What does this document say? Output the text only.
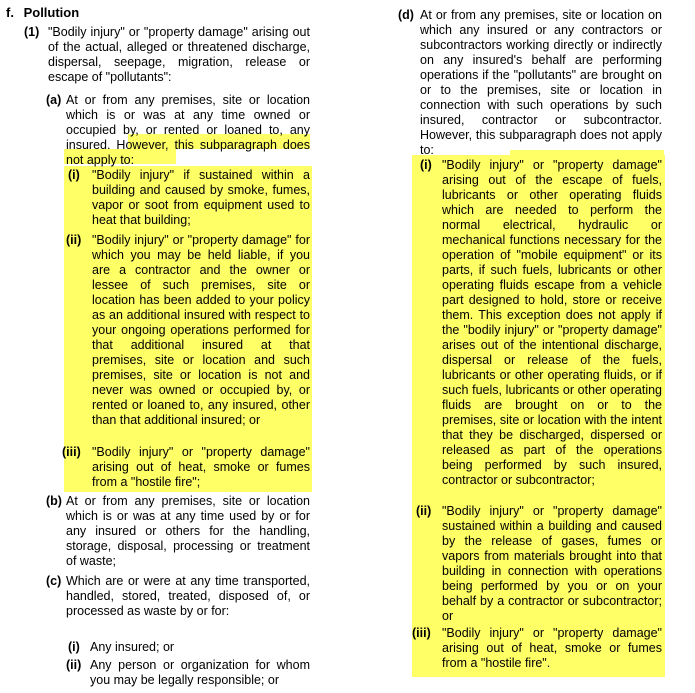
f. Pollution
(1) "Bodily injury" or "property damage" arising out of the actual, alleged or threatened discharge, dispersal, seepage, migration, release or escape of "pollutants":
(a) At or from any premises, site or location which is or was at any time owned or occupied by, or rented or loaned to, any insured. However, this subparagraph does not apply to:
(i) "Bodily injury" if sustained within a building and caused by smoke, fumes, vapor or soot from equipment used to heat that building;
(ii) "Bodily injury" or "property damage" for which you may be held liable, if you are a contractor and the owner or lessee of such premises, site or location has been added to your policy as an additional insured with respect to your ongoing operations performed for that additional insured at that premises, site or location and such premises, site or location is not and never was owned or occupied by, or rented or loaned to, any insured, other than that additional insured; or
(iii) "Bodily injury" or "property damage" arising out of heat, smoke or fumes from a "hostile fire";
(b) At or from any premises, site or location which is or was at any time used by or for any insured or others for the handling, storage, disposal, processing or treatment of waste;
(c) Which are or were at any time transported, handled, stored, treated, disposed of, or processed as waste by or for:
(i) Any insured; or
(ii) Any person or organization for whom you may be legally responsible; or
(d) At or from any premises, site or location on which any insured or any contractors or subcontractors working directly or indirectly on any insured's behalf are performing operations if the "pollutants" are brought on or to the premises, site or location in connection with such operations by such insured, contractor or subcontractor. However, this subparagraph does not apply to:
(i) "Bodily injury" or "property damage" arising out of the escape of fuels, lubricants or other operating fluids which are needed to perform the normal electrical, hydraulic or mechanical functions necessary for the operation of "mobile equipment" or its parts, if such fuels, lubricants or other operating fluids escape from a vehicle part designed to hold, store or receive them. This exception does not apply if the "bodily injury" or "property damage" arises out of the intentional discharge, dispersal or release of the fuels, lubricants or other operating fluids, or if such fuels, lubricants or other operating fluids are brought on or to the premises, site or location with the intent that they be discharged, dispersed or released as part of the operations being performed by such insured, contractor or subcontractor;
(ii) "Bodily injury" or "property damage" sustained within a building and caused by the release of gases, fumes or vapors from materials brought into that building in connection with operations being performed by you or on your behalf by a contractor or subcontractor; or
(iii) "Bodily injury" or "property damage" arising out of heat, smoke or fumes from a "hostile fire".
